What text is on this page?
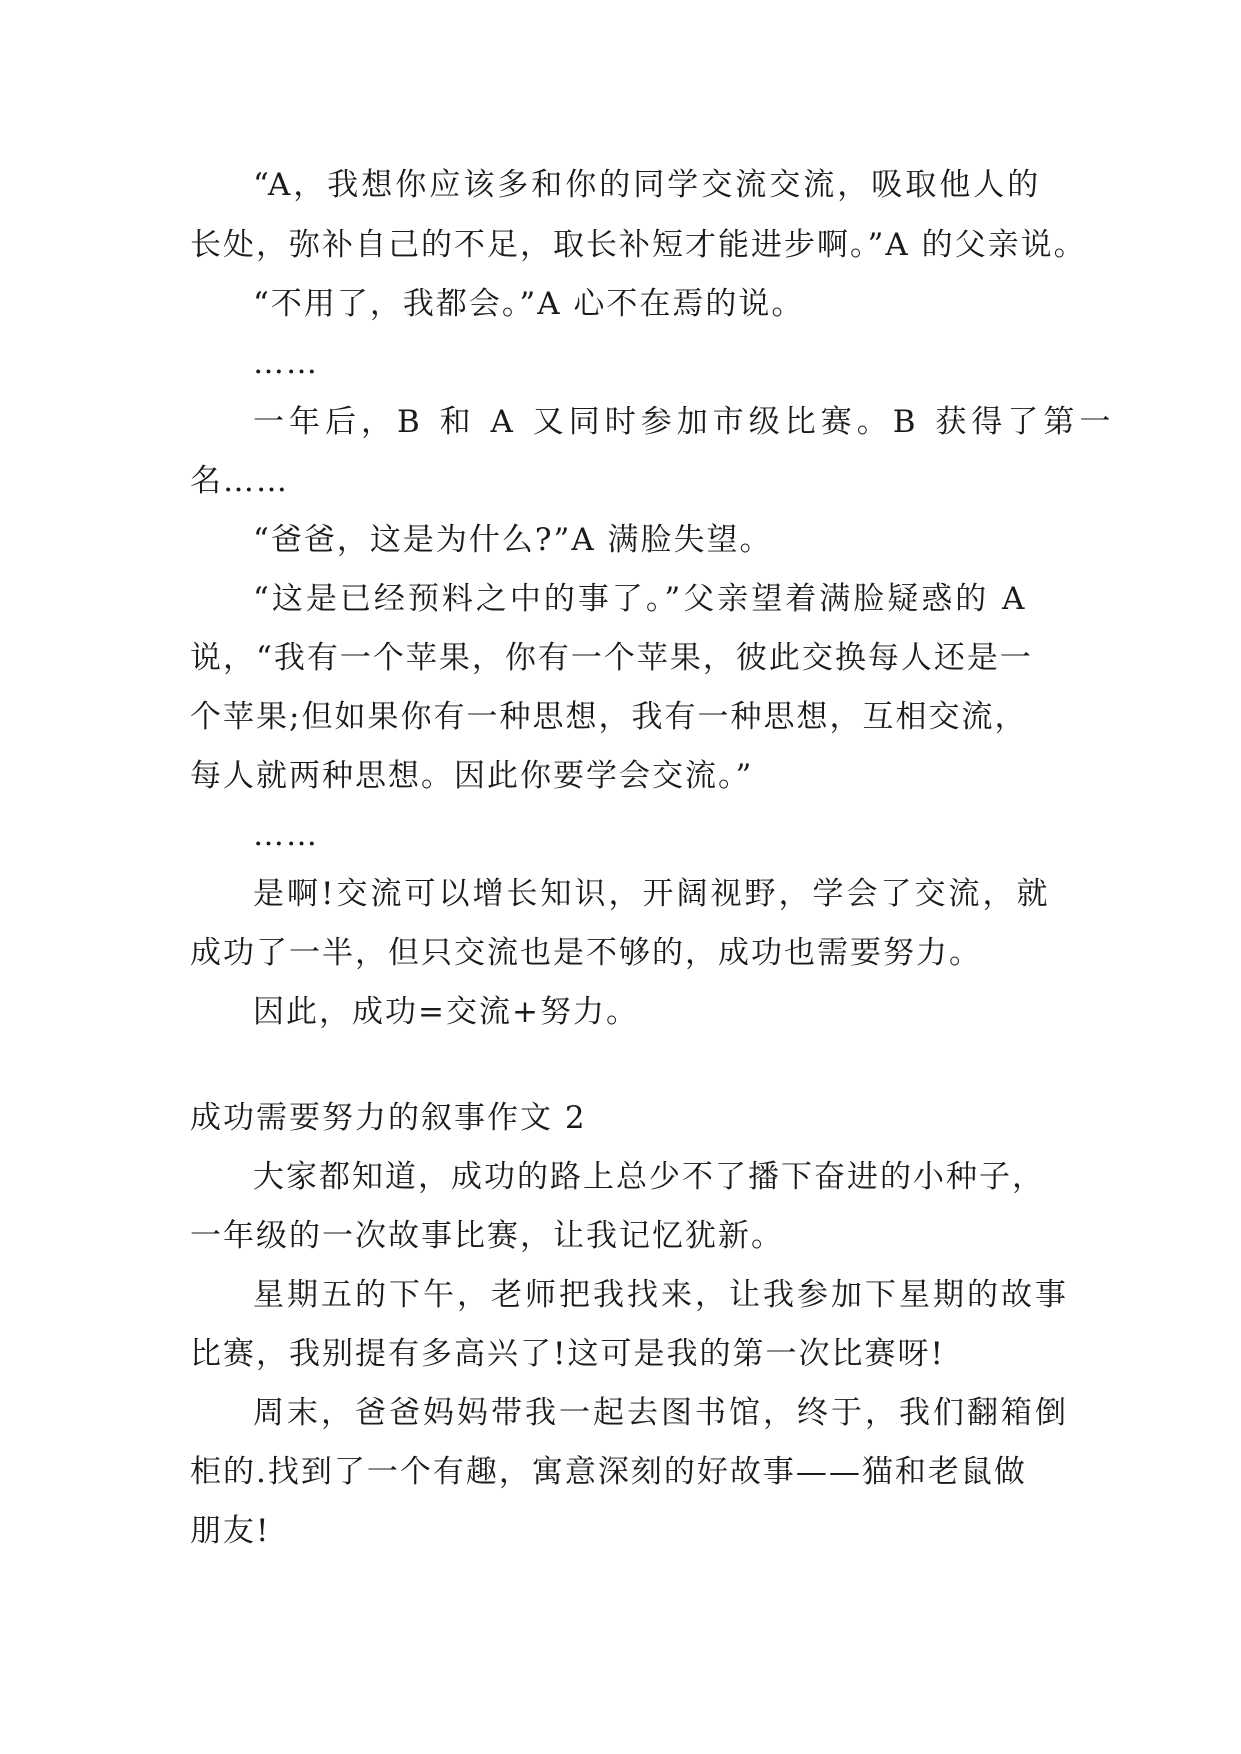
“A，我想你应该多和你的同学交流交流，吸取他人的
长处，弥补自己的不足，取长补短才能进步啊。”A 的父亲说。
“不用了，我都会。”A 心不在焉的说。
……
一年后，B 和 A 又同时参加市级比赛。B 获得了第一
名……
“爸爸，这是为什么?”A 满脸失望。
“这是已经预料之中的事了。”父亲望着满脸疑惑的 A
说，“我有一个苹果，你有一个苹果，彼此交换每人还是一
个苹果;但如果你有一种思想，我有一种思想，互相交流，
每人就两种思想。因此你要学会交流。”
……
是啊!交流可以增长知识，开阔视野，学会了交流，就
成功了一半，但只交流也是不够的，成功也需要努力。
因此，成功=交流+努力。
成功需要努力的叙事作文 2
大家都知道，成功的路上总少不了播下奋进的小种子，
一年级的一次故事比赛，让我记忆犹新。
星期五的下午，老师把我找来，让我参加下星期的故事
比赛，我别提有多高兴了!这可是我的第一次比赛呀!
周末，爸爸妈妈带我一起去图书馆，终于，我们翻箱倒
柜的.找到了一个有趣，寓意深刻的好故事——猫和老鼠做
朋友!
